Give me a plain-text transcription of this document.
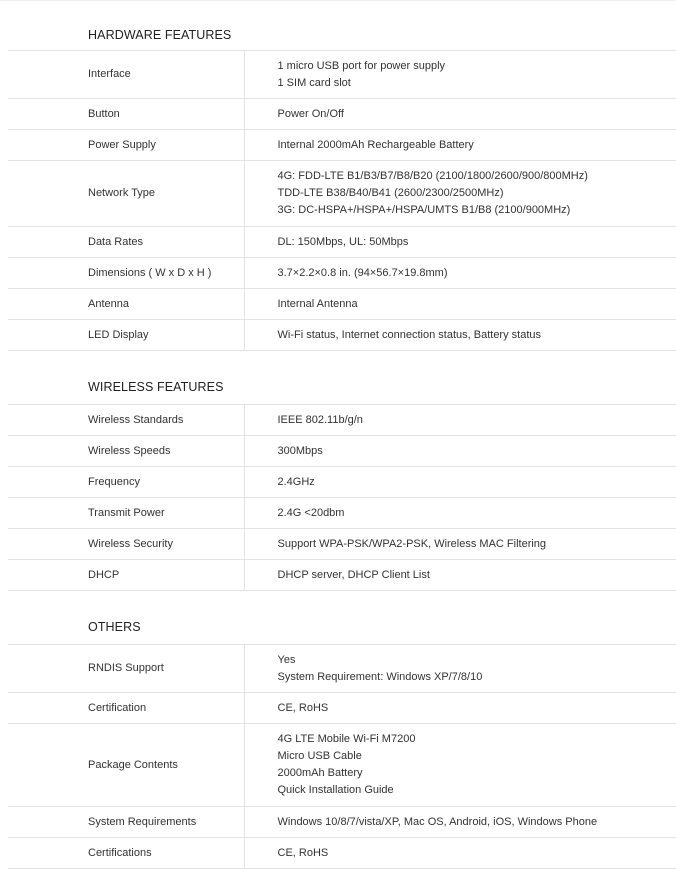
HARDWARE FEATURES
Interface	1 micro USB port for power supply
1 SIM card slot

Button	Power On/Off

Power Supply	Internal 2000mAh Rechargeable Battery

Network Type	4G: FDD-LTE B1/B3/B7/B8/B20 (2100/1800/2600/900/800MHz)
TDD-LTE B38/B40/B41 (2600/2300/2500MHz)
3G: DC-HSPA+/HSPA+/HSPA/UMTS B1/B8 (2100/900MHz)

Data Rates	DL: 150Mbps, UL: 50Mbps

Dimensions ( W x D x H )	3.7×2.2×0.8 in. (94×56.7×19.8mm)

Antenna	Internal Antenna

LED Display	Wi-Fi status, Internet connection status, Battery status
WIRELESS FEATURES
Wireless Standards	IEEE 802.11b/g/n

Wireless Speeds	300Mbps

Frequency	2.4GHz

Transmit Power	2.4G <20dbm

Wireless Security	Support WPA-PSK/WPA2-PSK, Wireless MAC Filtering

DHCP	DHCP server, DHCP Client List
OTHERS
RNDIS Support	Yes
System Requirement: Windows XP/7/8/10

Certification	CE, RoHS

Package Contents	4G LTE Mobile Wi-Fi M7200
Micro USB Cable
2000mAh Battery
Quick Installation Guide

System Requirements	Windows 10/8/7/vista/XP, Mac OS, Android, iOS, Windows Phone

Certifications	CE, RoHS
